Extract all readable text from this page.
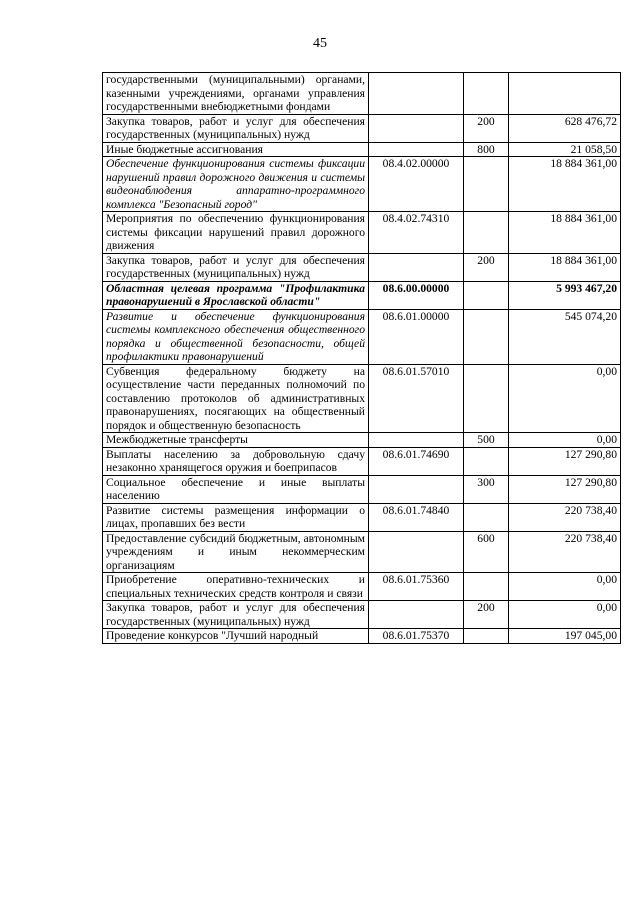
45
государственными (муниципальными) органами, казенными учреждениями, органами управления государственными внебюджетными фондами			
Закупка товаров, работ и услуг для обеспечения государственных (муниципальных) нужд		200	628 476,72
Иные бюджетные ассигнования		800	21 058,50
Обеспечение функционирования системы фиксации нарушений правил дорожного движения и системы видеонаблюдения аппаратно-программного комплекса "Безопасный город"	08.4.02.00000		18 884 361,00
Мероприятия по обеспечению функционирования системы фиксации нарушений правил дорожного движения	08.4.02.74310		18 884 361,00
Закупка товаров, работ и услуг для обеспечения государственных (муниципальных) нужд		200	18 884 361,00
Областная целевая программа "Профилактика правонарушений в Ярославской области"	08.6.00.00000		5 993 467,20
Развитие и обеспечение функционирования системы комплексного обеспечения общественного порядка и общественной безопасности, общей профилактики правонарушений	08.6.01.00000		545 074,20
Субвенция федеральному бюджету на осуществление части переданных полномочий по составлению протоколов об административных правонарушениях, посягающих на общественный порядок и общественную безопасность	08.6.01.57010		0,00
Межбюджетные трансферты		500	0,00
Выплаты населению за добровольную сдачу незаконно хранящегося оружия и боеприпасов	08.6.01.74690		127 290,80
Социальное обеспечение и иные выплаты населению		300	127 290,80
Развитие системы размещения информации о лицах, пропавших без вести	08.6.01.74840		220 738,40
Предоставление субсидий бюджетным, автономным учреждениям и иным некоммерческим организациям		600	220 738,40
Приобретение оперативно-технических и специальных технических средств контроля и связи	08.6.01.75360		0,00
Закупка товаров, работ и услуг для обеспечения государственных (муниципальных) нужд		200	0,00
Проведение конкурсов "Лучший народный	08.6.01.75370		197 045,00
